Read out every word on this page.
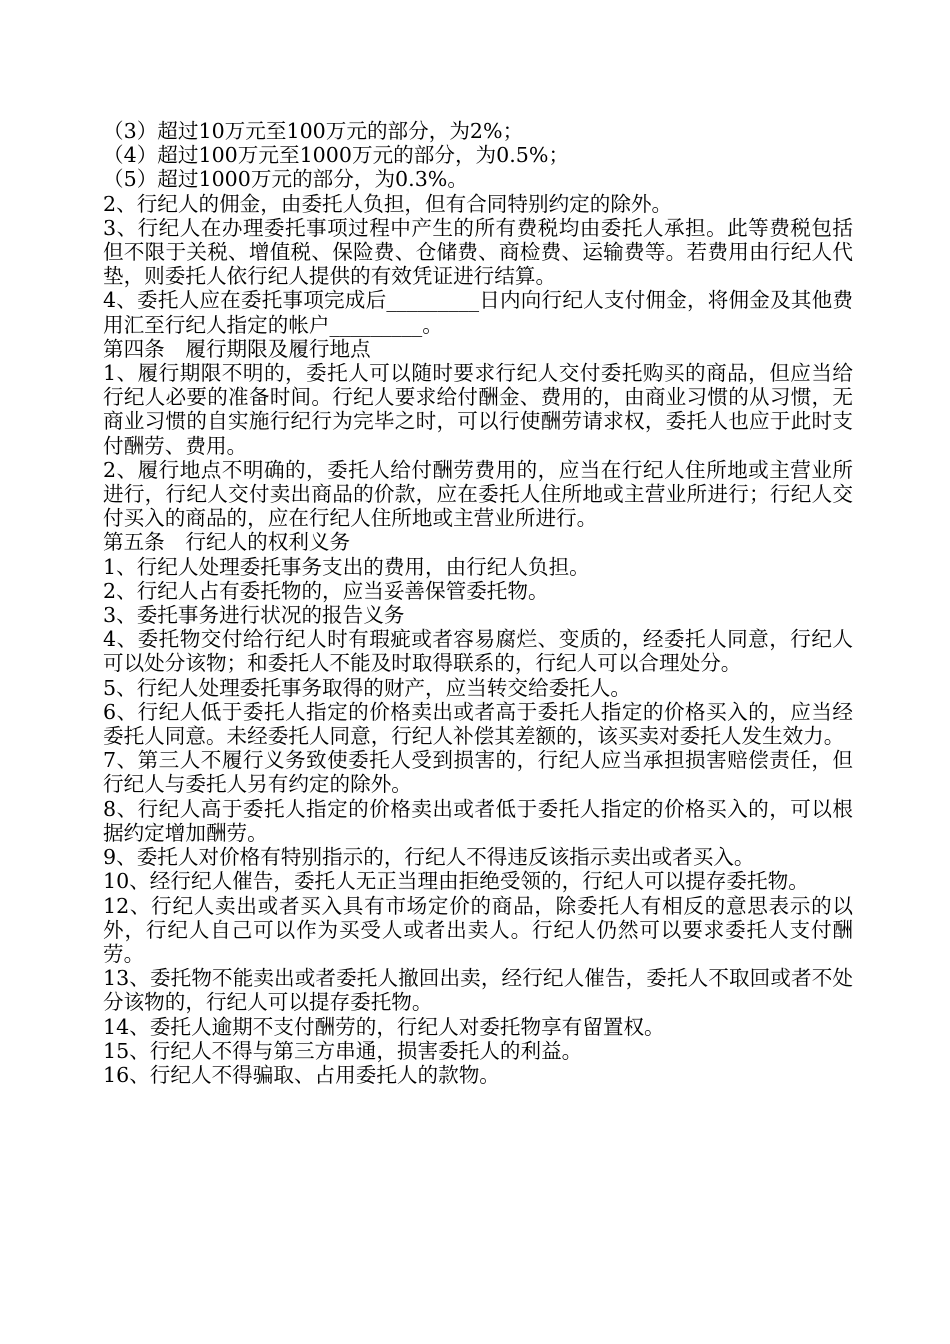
（3）超过10万元至100万元的部分，为2%；

（4）超过100万元至1000万元的部分，为0.5%；

（5）超过1000万元的部分，为0.3%。

2、行纪人的佣金，由委托人负担，但有合同特别约定的除外。

3、行纪人在办理委托事项过程中产生的所有费税均由委托人承担。此等费税包括但不限于关税、增值税、保险费、仓储费、商检费、运输费等。若费用由行纪人代垫，则委托人依行纪人提供的有效凭证进行结算。

4、委托人应在委托事项完成后_________日内向行纪人支付佣金，将佣金及其他费用汇至行纪人指定的帐户_________。

第四条　履行期限及履行地点

1、履行期限不明的，委托人可以随时要求行纪人交付委托购买的商品，但应当给行纪人必要的准备时间。行纪人要求给付酬金、费用的，由商业习惯的从习惯，无商业习惯的自实施行纪行为完毕之时，可以行使酬劳请求权，委托人也应于此时支付酬劳、费用。

2、履行地点不明确的，委托人给付酬劳费用的，应当在行纪人住所地或主营业所进行，行纪人交付卖出商品的价款，应在委托人住所地或主营业所进行；行纪人交付买入的商品的，应在行纪人住所地或主营业所进行。

第五条　行纪人的权利义务

1、行纪人处理委托事务支出的费用，由行纪人负担。

2、行纪人占有委托物的，应当妥善保管委托物。

3、委托事务进行状况的报告义务

4、委托物交付给行纪人时有瑕疵或者容易腐烂、变质的，经委托人同意，行纪人可以处分该物；和委托人不能及时取得联系的，行纪人可以合理处分。

5、行纪人处理委托事务取得的财产，应当转交给委托人。

6、行纪人低于委托人指定的价格卖出或者高于委托人指定的价格买入的，应当经委托人同意。未经委托人同意，行纪人补偿其差额的，该买卖对委托人发生效力。

7、第三人不履行义务致使委托人受到损害的，行纪人应当承担损害赔偿责任，但行纪人与委托人另有约定的除外。

8、行纪人高于委托人指定的价格卖出或者低于委托人指定的价格买入的，可以根据约定增加酬劳。

9、委托人对价格有特别指示的，行纪人不得违反该指示卖出或者买入。

10、经行纪人催告，委托人无正当理由拒绝受领的，行纪人可以提存委托物。

12、行纪人卖出或者买入具有市场定价的商品，除委托人有相反的意思表示的以外，行纪人自己可以作为买受人或者出卖人。行纪人仍然可以要求委托人支付酬劳。

13、委托物不能卖出或者委托人撤回出卖，经行纪人催告，委托人不取回或者不处分该物的，行纪人可以提存委托物。

14、委托人逾期不支付酬劳的，行纪人对委托物享有留置权。

15、行纪人不得与第三方串通，损害委托人的利益。

16、行纪人不得骗取、占用委托人的款物。
